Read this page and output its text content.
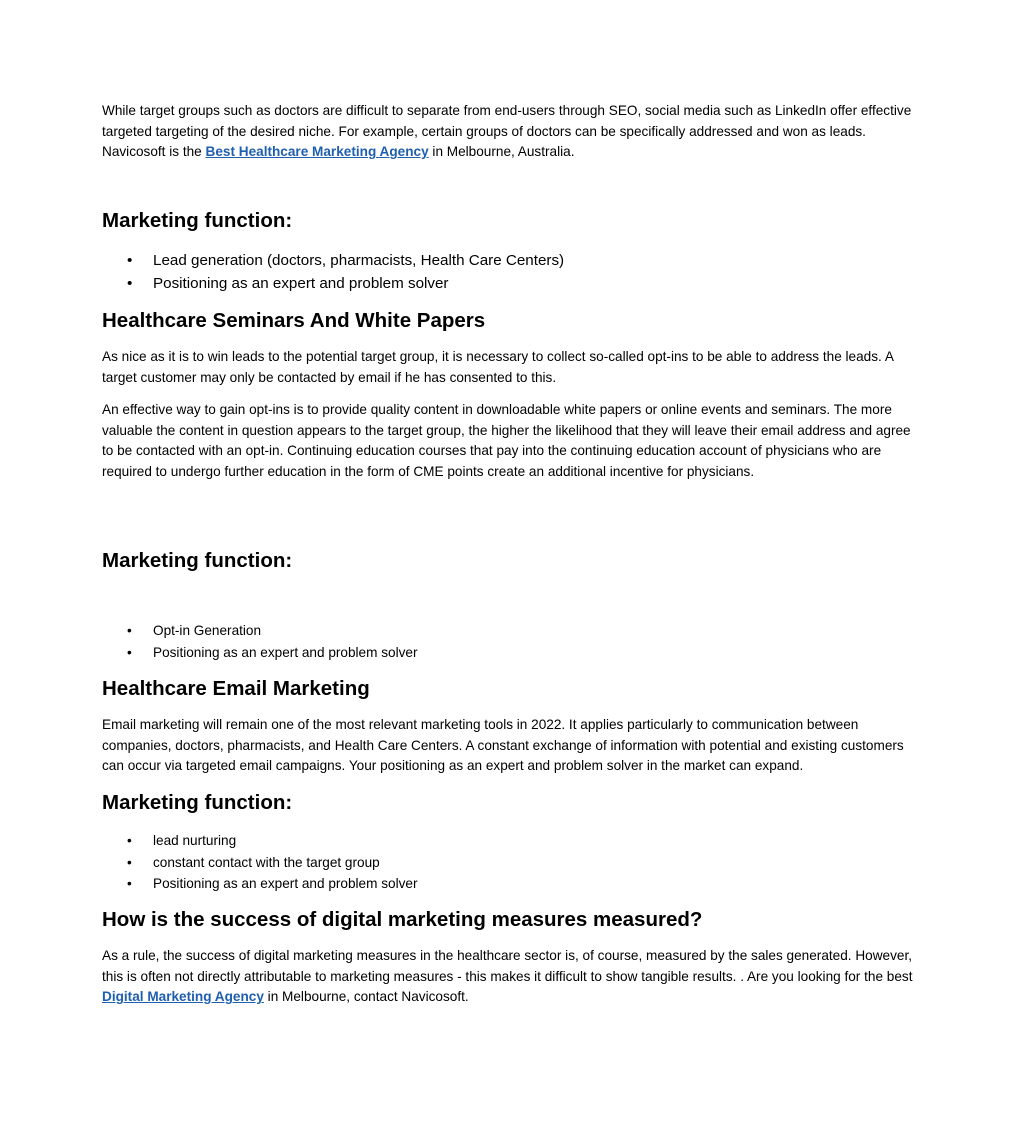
While target groups such as doctors are difficult to separate from end-users through SEO, social media such as LinkedIn offer effective targeted targeting of the desired niche. For example, certain groups of doctors can be specifically addressed and won as leads. Navicosoft is the Best Healthcare Marketing Agency in Melbourne, Australia.

Marketing function:
• Lead generation (doctors, pharmacists, Health Care Centers)
• Positioning as an expert and problem solver
Healthcare Seminars And White Papers

As nice as it is to win leads to the potential target group, it is necessary to collect so-called opt-ins to be able to address the leads. A target customer may only be contacted by email if he has consented to this.

An effective way to gain opt-ins is to provide quality content in downloadable white papers or online events and seminars. The more valuable the content in question appears to the target group, the higher the likelihood that they will leave their email address and agree to be contacted with an opt-in. Continuing education courses that pay into the continuing education account of physicians who are required to undergo further education in the form of CME points create an additional incentive for physicians.

Marketing function:
• Opt-in Generation
• Positioning as an expert and problem solver
Healthcare Email Marketing

Email marketing will remain one of the most relevant marketing tools in 2022. It applies particularly to communication between companies, doctors, pharmacists, and Health Care Centers. A constant exchange of information with potential and existing customers can occur via targeted email campaigns. Your positioning as an expert and problem solver in the market can expand.

Marketing function:
• lead nurturing
• constant contact with the target group
• Positioning as an expert and problem solver
How is the success of digital marketing measures measured?

As a rule, the success of digital marketing measures in the healthcare sector is, of course, measured by the sales generated. However, this is often not directly attributable to marketing measures - this makes it difficult to show tangible results. . Are you looking for the best Digital Marketing Agency in Melbourne, contact Navicosoft.
